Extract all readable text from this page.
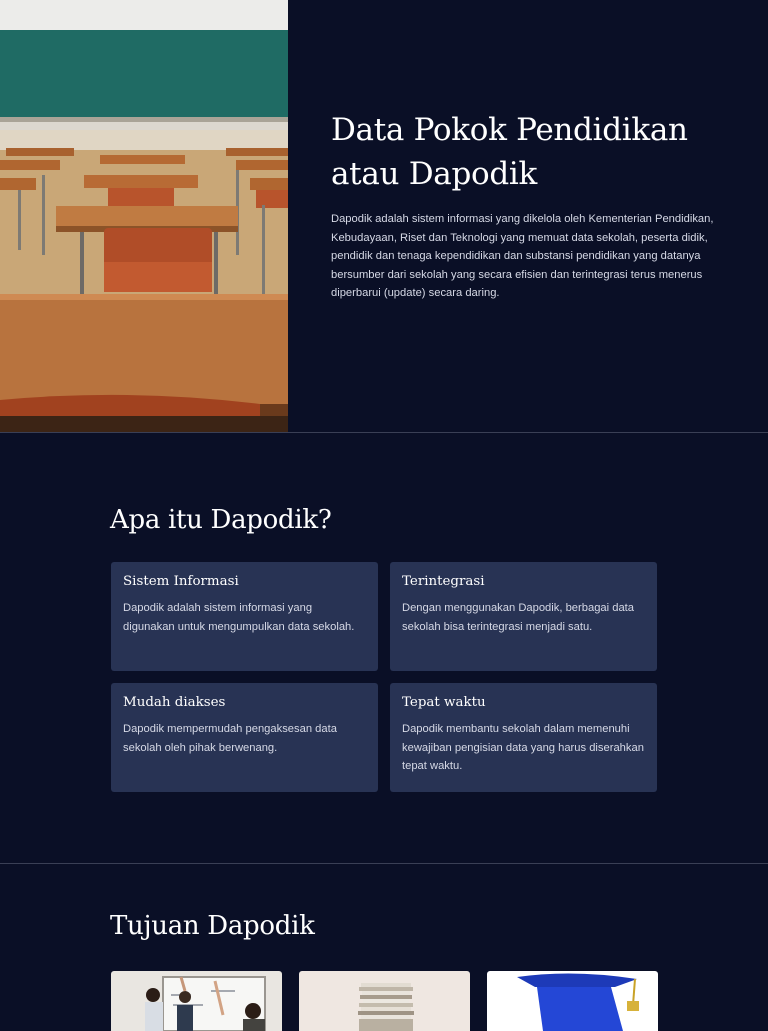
Data Pokok Pendidikan
atau Dapodik

Dapodik adalah sistem informasi yang dikelola oleh Kementerian Pendidikan, Kebudayaan, Riset dan Teknologi yang memuat data sekolah, peserta didik, pendidik dan tenaga kependidikan dan substansi pendidikan yang datanya bersumber dari sekolah yang secara efisien dan terintegrasi terus menerus diperbarui (update) secara daring.

Apa itu Dapodik?
Sistem Informasi

Dapodik adalah sistem informasi yang digunakan untuk mengumpulkan data sekolah.

Terintegrasi

Dengan menggunakan Dapodik, berbagai data sekolah bisa terintegrasi menjadi satu.

Mudah diakses

Dapodik mempermudah pengaksesan data sekolah oleh pihak berwenang.

Tepat waktu

Dapodik membantu sekolah dalam memenuhi kewajiban pengisian data yang harus diserahkan tepat waktu.

Tujuan Dapodik
